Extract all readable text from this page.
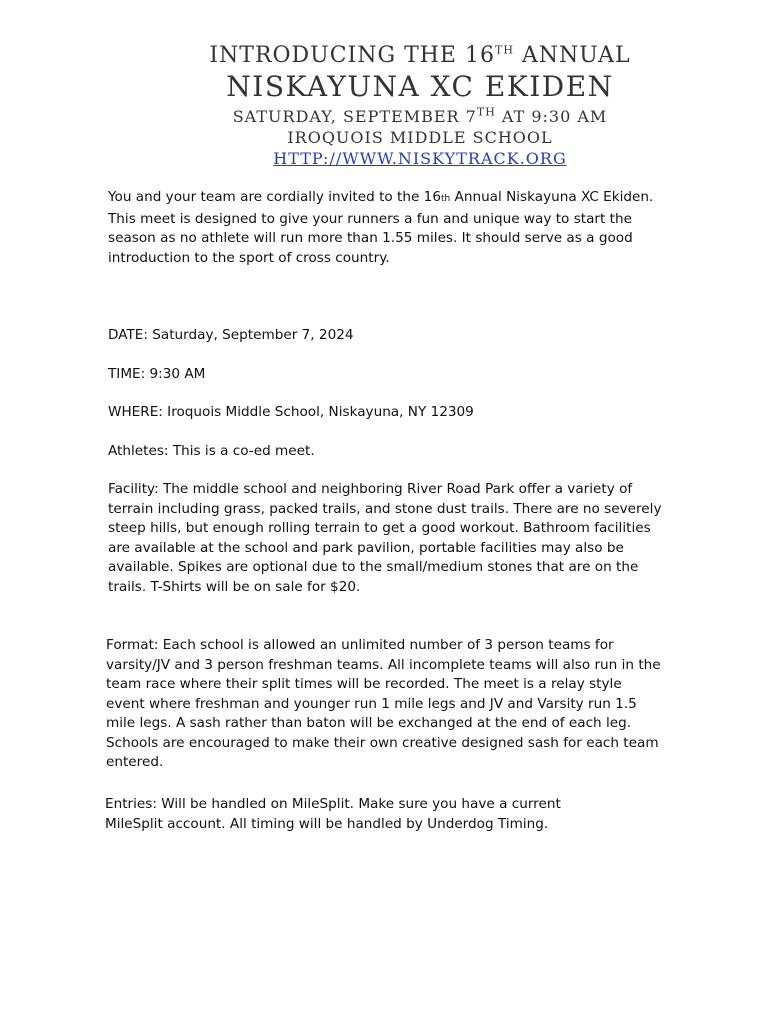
INTRODUCING THE 16TH ANNUAL
NISKAYUNA XC EKIDEN
SATURDAY, SEPTEMBER 7TH AT 9:30 AM
IROQUOIS MIDDLE SCHOOL
HTTP://WWW.NISKYTRACK.ORG

You and your team are cordially invited to the 16th Annual Niskayuna XC Ekiden. This meet is designed to give your runners a fun and unique way to start the season as no athlete will run more than 1.55 miles. It should serve as a good introduction to the sport of cross country.

DATE: Saturday, September 7, 2024

TIME: 9:30 AM

WHERE: Iroquois Middle School, Niskayuna, NY 12309

Athletes: This is a co-ed meet.

Facility: The middle school and neighboring River Road Park offer a variety of terrain including grass, packed trails, and stone dust trails. There are no severely steep hills, but enough rolling terrain to get a good workout. Bathroom facilities are available at the school and park pavilion, portable facilities may also be available. Spikes are optional due to the small/medium stones that are on the trails. T-Shirts will be on sale for $20.

Format: Each school is allowed an unlimited number of 3 person teams for varsity/JV and 3 person freshman teams. All incomplete teams will also run in the team race where their split times will be recorded. The meet is a relay style event where freshman and younger run 1 mile legs and JV and Varsity run 1.5 mile legs. A sash rather than baton will be exchanged at the end of each leg. Schools are encouraged to make their own creative designed sash for each team entered.

Entries: Will be handled on MileSplit. Make sure you have a current MileSplit account. All timing will be handled by Underdog Timing.
